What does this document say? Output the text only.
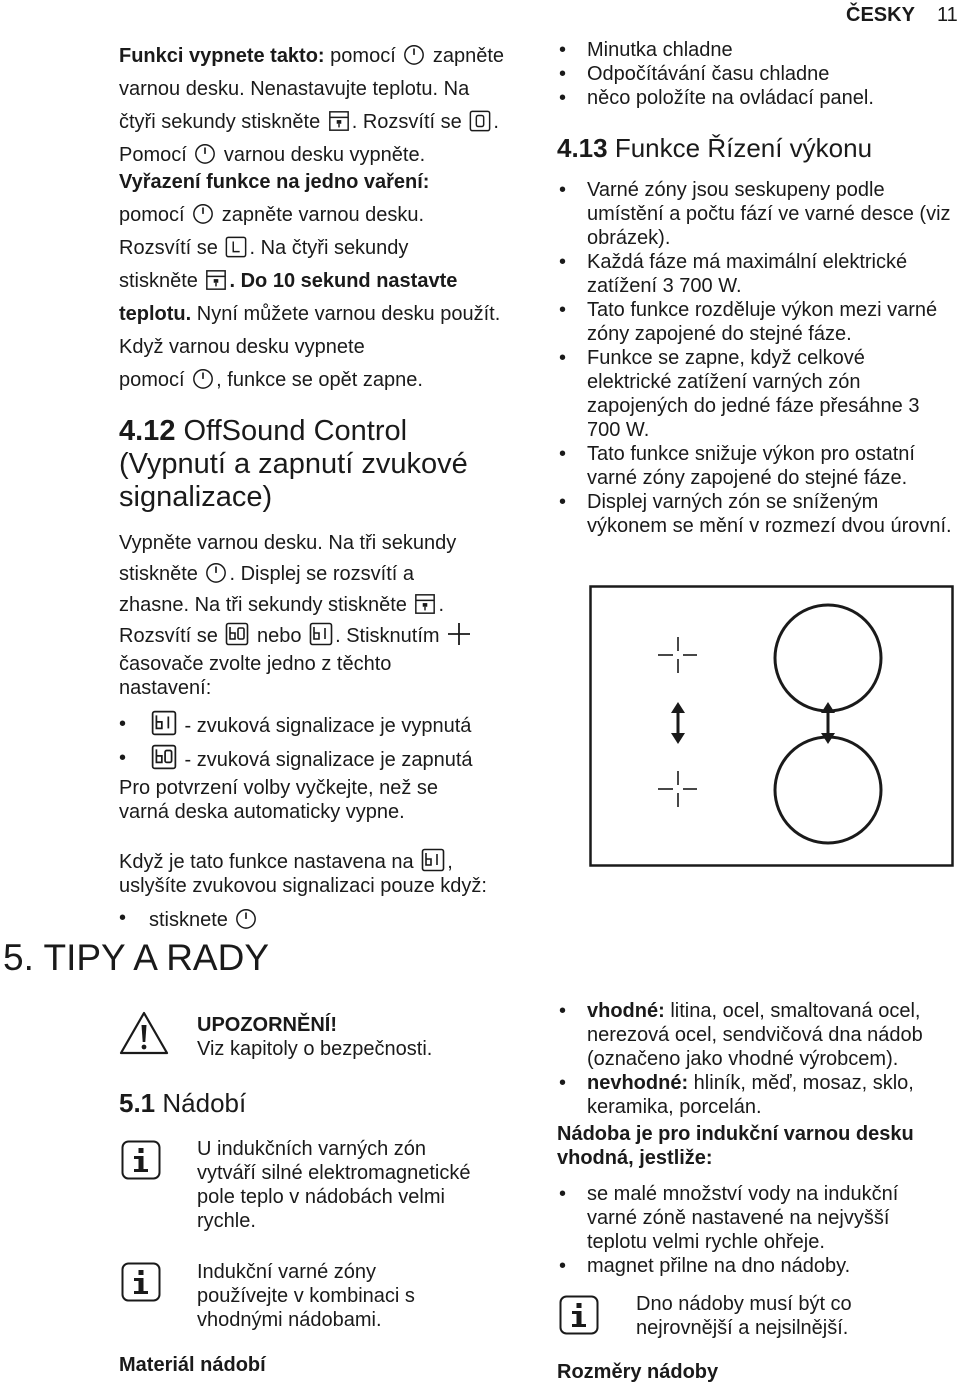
ČESKY 11

Funkci vypnete takto: pomocí
zapněte varnou desku. Nenastavujte teplotu. Na čtyři sekundy stiskněte
. Rozsvítí se
. Pomocí
varnou desku vypněte.

Vyřazení funkce na jedno vaření:
pomocí
zapněte varnou desku.
Rozsvítí se
. Na čtyři sekundy
stiskněte
. Do 10 sekund nastavte teplotu. Nyní můžete varnou desku použít. Když varnou desku vypnete
pomocí
, funkce se opět zapne.

4.12 OffSound Control (Vypnutí a zapnutí zvukové signalizace)

Vypněte varnou desku. Na tři sekundy
stiskněte
. Displej se rozsvítí a
zhasne. Na tři sekundy stiskněte
.
Rozsvítí se
nebo
. Stisknutím

časovače zvolte jedno z těchto nastavení:

•	- zvuková signalizace je vypnutá
•	- zvuková signalizace je zapnutá

Pro potvrzení volby vyčkejte, než se varná deska automaticky vypne.

Když je tato funkce nastavena na
, uslyšíte zvukovou signalizaci pouze když:

• stisknete
5. TIPY A RADY
UPOZORNĚNÍ!
Viz kapitoly o bezpečnosti.
5.1 Nádobí
U indukčních varných zón vytváří silné elektromagnetické pole teplo v nádobách velmi rychle.
Indukční varné zóny používejte v kombinaci s vhodnými nádobami.
Materiál nádobí
• Minutka chladne
• Odpočítávání času chladne
• něco položíte na ovládací panel.
4.13 Funkce Řízení výkonu
• Varné zóny jsou seskupeny podle umístění a počtu fází ve varné desce (viz obrázek).
• Každá fáze má maximální elektrické zatížení 3 700 W.
• Tato funkce rozděluje výkon mezi varné zóny zapojené do stejné fáze.
• Funkce se zapne, když celkové elektrické zatížení varných zón zapojených do jedné fáze přesáhne 3 700 W.
• Tato funkce snižuje výkon pro ostatní varné zóny zapojené do stejné fáze.
• Displej varných zón se sníženým výkonem se mění v rozmezí dvou úrovní.
• vhodné: litina, ocel, smaltovaná ocel, nerezová ocel, sendvičová dna nádob (označeno jako vhodné výrobcem).
• nevhodné: hliník, měď, mosaz, sklo, keramika, porcelán.
Nádoba je pro indukční varnou desku vhodná, jestliže:
• se malé množství vody na indukční varné zóně nastavené na nejvyšší teplotu velmi rychle ohřeje.
• magnet přilne na dno nádoby.
Dno nádoby musí být co nejrovnější a nejsilnější.
Rozměry nádoby
